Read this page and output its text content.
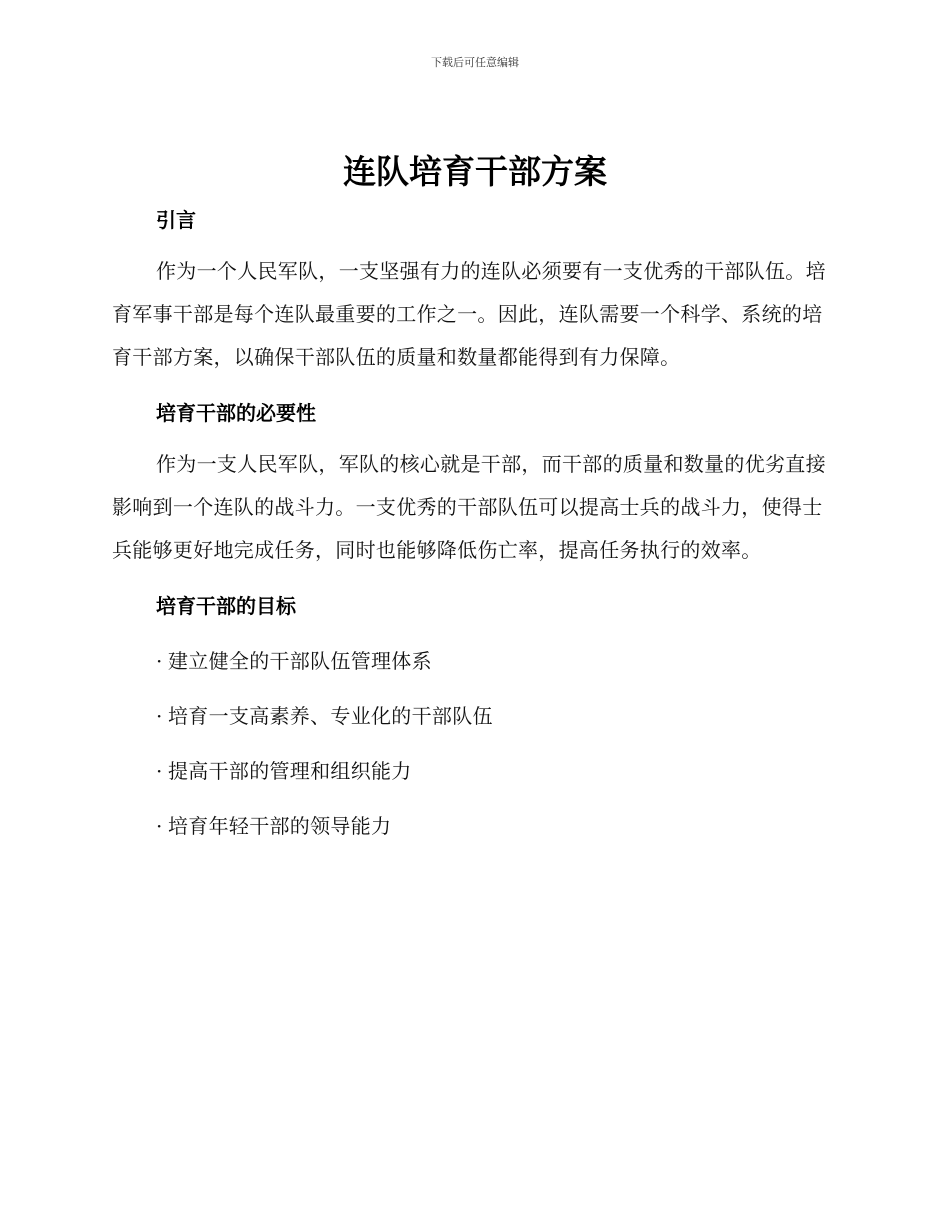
下载后可任意编辑
连队培育干部方案
引言

作为一个人民军队，一支坚强有力的连队必须要有一支优秀的干部队伍。培育军事干部是每个连队最重要的工作之一。因此，连队需要一个科学、系统的培育干部方案，以确保干部队伍的质量和数量都能得到有力保障。

培育干部的必要性

作为一支人民军队，军队的核心就是干部，而干部的质量和数量的优劣直接影响到一个连队的战斗力。一支优秀的干部队伍可以提高士兵的战斗力，使得士兵能够更好地完成任务，同时也能够降低伤亡率，提高任务执行的效率。

培育干部的目标
· 建立健全的干部队伍管理体系
· 培育一支高素养、专业化的干部队伍
· 提高干部的管理和组织能力
· 培育年轻干部的领导能力
